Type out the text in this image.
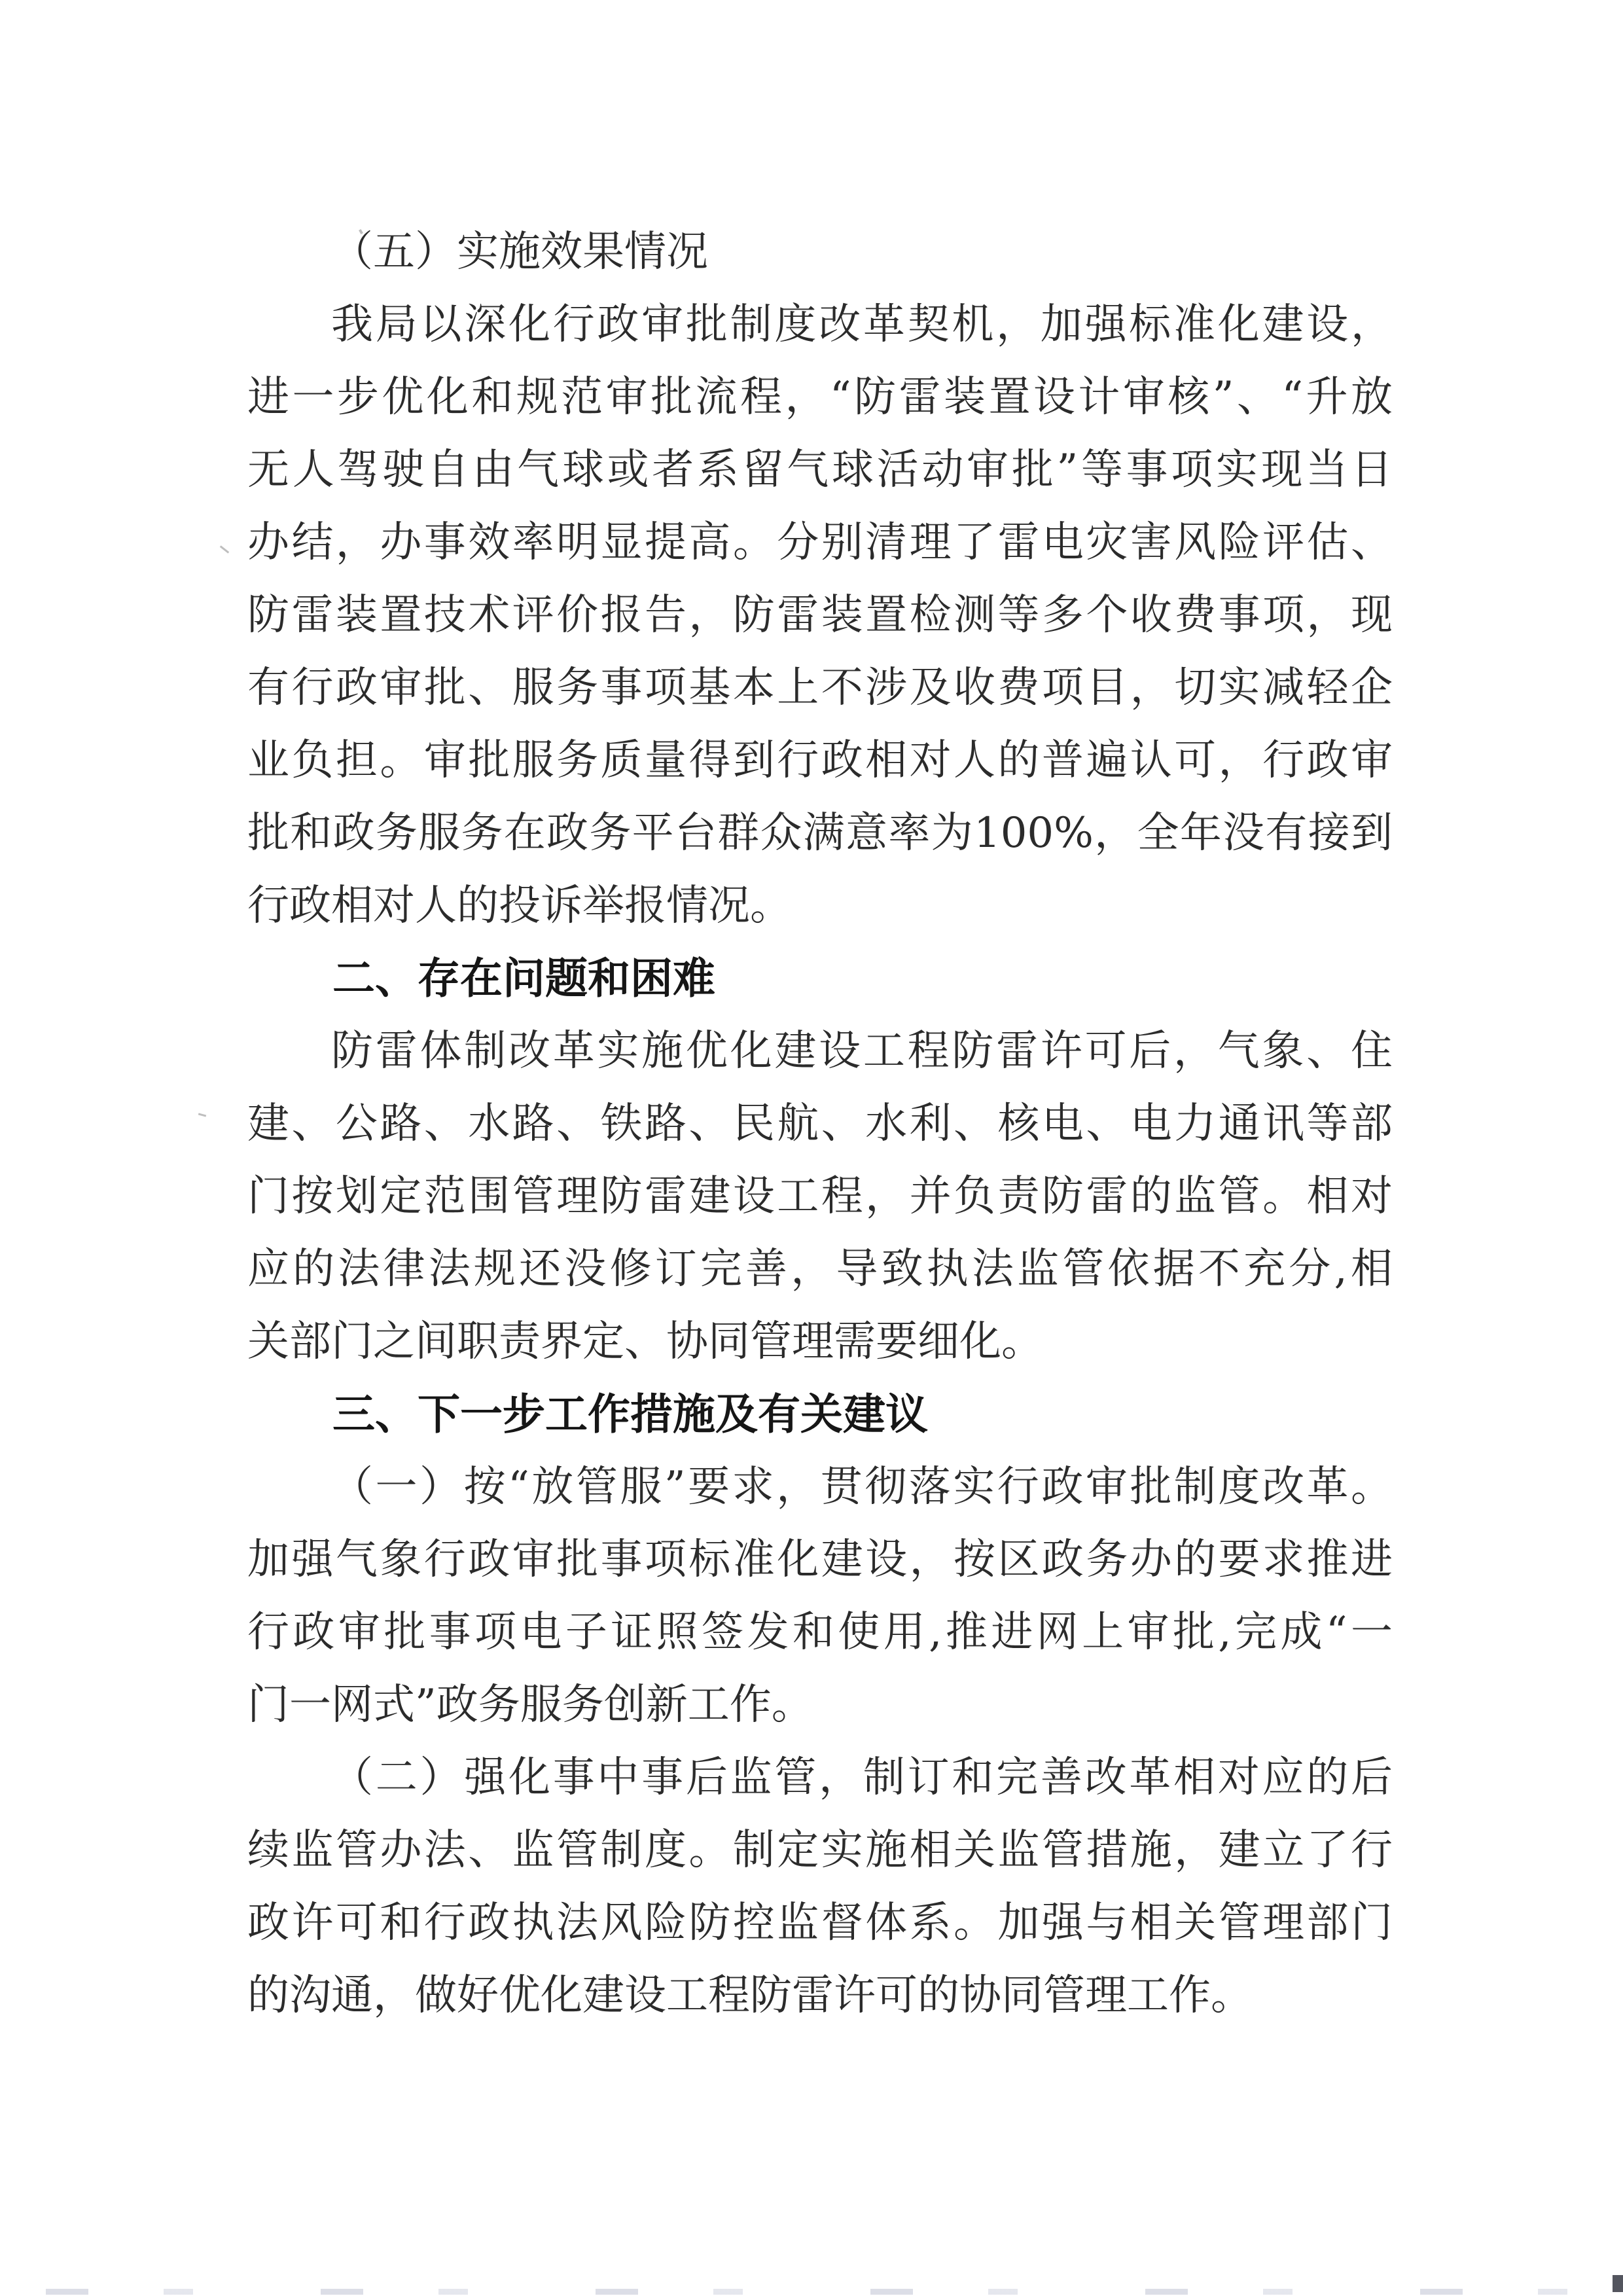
（五）实施效果情况
我局以深化行政审批制度改革契机，加强标准化建设，
进一步优化和规范审批流程，“防雷装置设计审核”、“升放
无人驾驶自由气球或者系留气球活动审批”等事项实现当日
办结，办事效率明显提高。分别清理了雷电灾害风险评估、
防雷装置技术评价报告，防雷装置检测等多个收费事项，现
有行政审批、服务事项基本上不涉及收费项目，切实减轻企
业负担。审批服务质量得到行政相对人的普遍认可，行政审
批和政务服务在政务平台群众满意率为100%，全年没有接到
行政相对人的投诉举报情况。
二、存在问题和困难
防雷体制改革实施优化建设工程防雷许可后，气象、住
建、公路、水路、铁路、民航、水利、核电、电力通讯等部
门按划定范围管理防雷建设工程，并负责防雷的监管。相对
应的法律法规还没修订完善，导致执法监管依据不充分,相
关部门之间职责界定、协同管理需要细化。
三、下一步工作措施及有关建议
（一）按“放管服”要求，贯彻落实行政审批制度改革。
加强气象行政审批事项标准化建设，按区政务办的要求推进
行政审批事项电子证照签发和使用,推进网上审批,完成“一
门一网式”政务服务创新工作。
（二）强化事中事后监管，制订和完善改革相对应的后
续监管办法、监管制度。制定实施相关监管措施，建立了行
政许可和行政执法风险防控监督体系。加强与相关管理部门
的沟通，做好优化建设工程防雷许可的协同管理工作。
